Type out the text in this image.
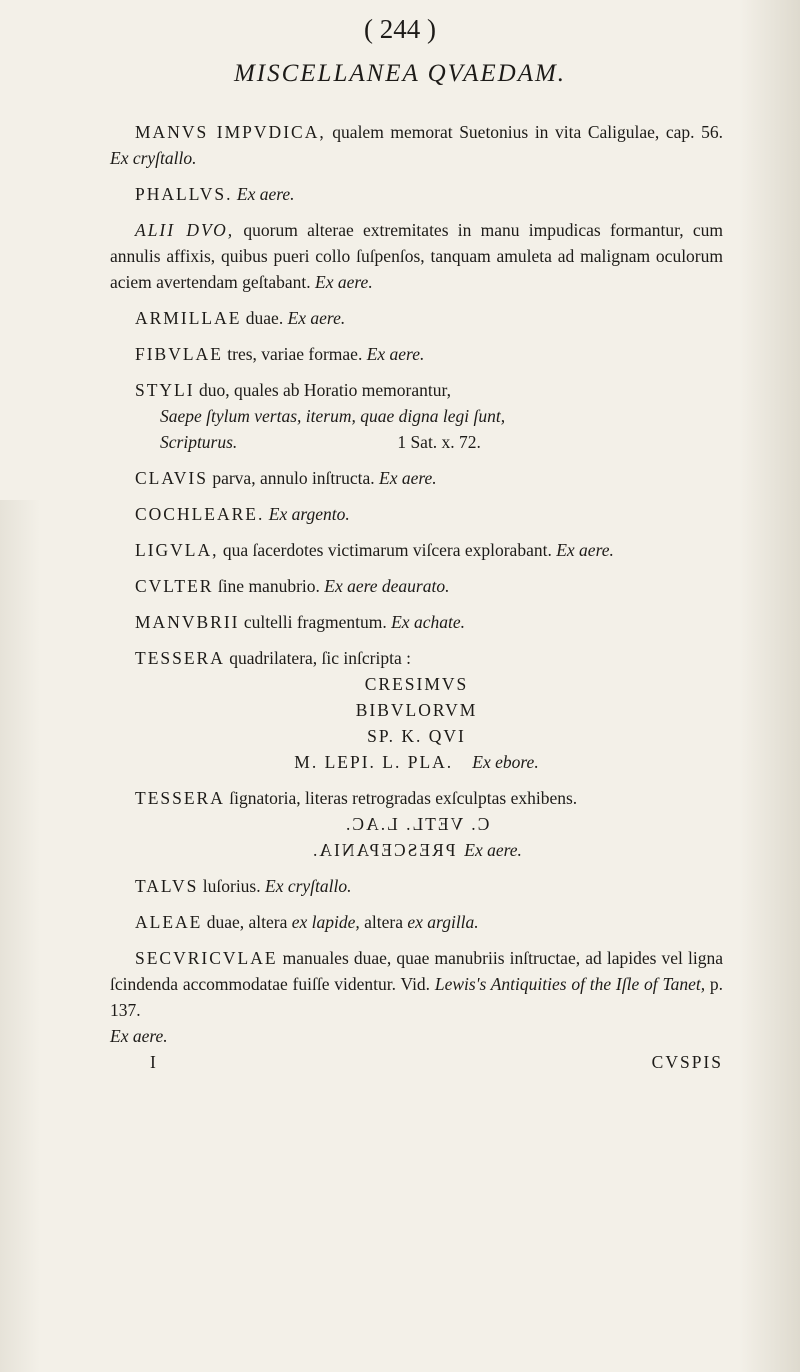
( 244 )
MISCELLANEA QVAEDAM.

MANVS IMPVDICA, qualem memorat Suetonius in vita Caligulae, cap. 56. Ex cryſtallo.

PHALLVS. Ex aere.

ALII DVO, quorum alterae extremitates in manu impudicas formantur, cum annulis affixis, quibus pueri collo ſuſpenſos, tanquam amuleta ad malignam oculorum aciem avertendam geſtabant. Ex aere.

ARMILLAE duae. Ex aere.

FIBVLAE tres, variae formae. Ex aere.

STYLI duo, quales ab Horatio memorantur,

Saepe ſtylum vertas, iterum, quae digna legi ſunt,

Scripturus.	1 Sat. x. 72.

CLAVIS parva, annulo inſtructa. Ex aere.

COCHLEARE. Ex argento.

LIGVLA, qua ſacerdotes victimarum viſcera explorabant. Ex aere.

CVLTER ſine manubrio. Ex aere deaurato.

MANVBRII cultelli fragmentum. Ex achate.

TESSERA quadrilatera, ſic inſcripta :

CRESIMVS

BIBVLORVM

SP. K. QVI

M. LEPI. L. PLA. Ex ebore.

TESSERA ſignatoria, literas retrogradas exſculptas exhibens.

C. VETL. L.AC.

PRESCEPANIA. Ex aere.

TALVS luſorius. Ex cryſtallo.

ALEAE duae, altera ex lapide, altera ex argilla.

SECVRICVLAE manuales duae, quae manubriis inſtructae, ad lapides vel ligna ſcindenda accommodatae fuiſſe videntur. Vid. Lewis's Antiquities of the Iſle of Tanet, p. 137.

Ex aere.

I	CVSPIS
